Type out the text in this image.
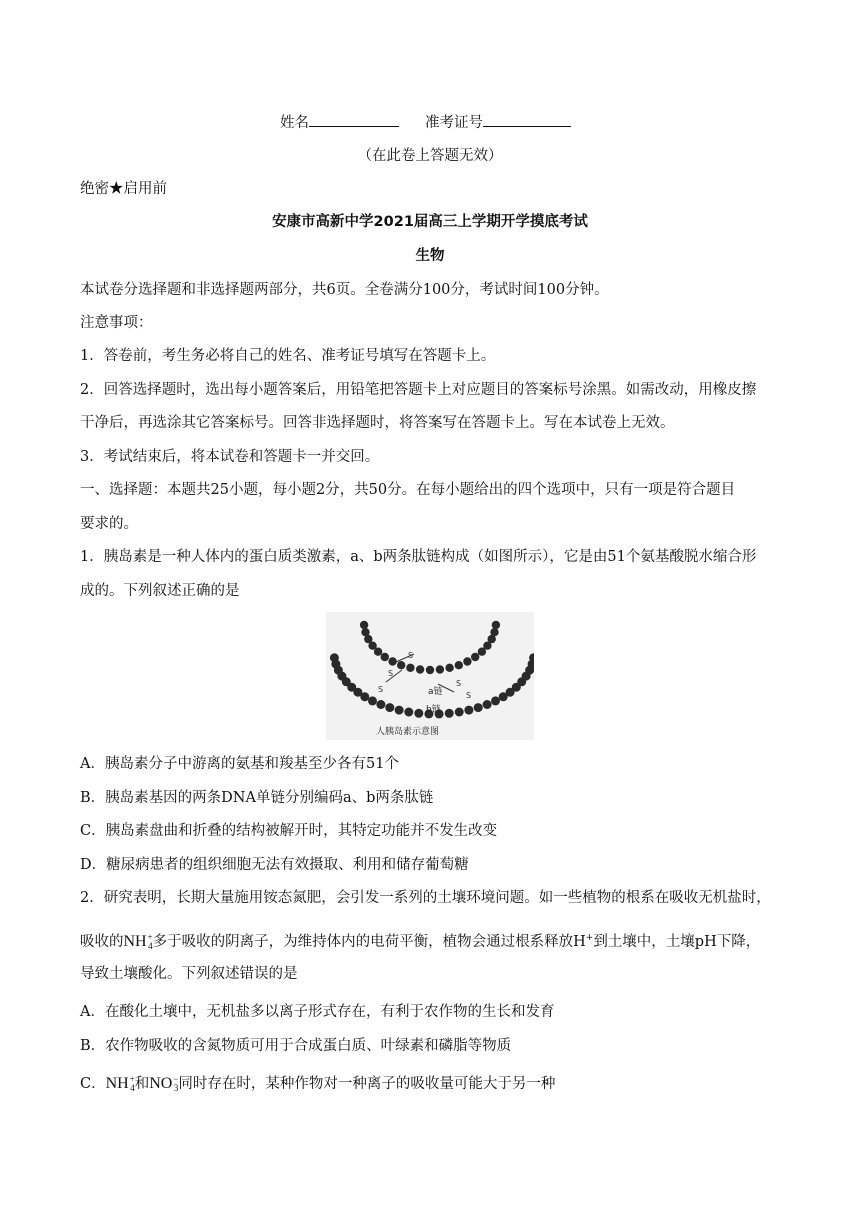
姓名	准考证号
（在此卷上答题无效）
绝密★启用前
安康市高新中学2021届高三上学期开学摸底考试
生物
本试卷分选择题和非选择题两部分，共6页。全卷满分100分，考试时间100分钟。
注意事项：
1．答卷前，考生务必将自己的姓名、准考证号填写在答题卡上。
2．回答选择题时，选出每小题答案后，用铅笔把答题卡上对应题目的答案标号涂黑。如需改动，用橡皮擦
干净后，再选涂其它答案标号。回答非选择题时，将答案写在答题卡上。写在本试卷上无效。
3．考试结束后，将本试卷和答题卡一并交回。
一、选择题：本题共25小题，每小题2分，共50分。在每小题给出的四个选项中，只有一项是符合题目
要求的。
1．胰岛素是一种人体内的蛋白质类激素，a、b两条肽链构成（如图所示），它是由51个氨基酸脱水缩合形
成的。下列叙述正确的是
S
S
S
S
S
a链
b链
人胰岛素示意图
A．胰岛素分子中游离的氨基和羧基至少各有51个
B．胰岛素基因的两条DNA单链分别编码a、b两条肽链
C．胰岛素盘曲和折叠的结构被解开时，其特定功能并不发生改变
D．糖尿病患者的组织细胞无法有效摄取、利用和储存葡萄糖
2．研究表明，长期大量施用铵态氮肥，会引发一系列的土壤环境问题。如一些植物的根系在吸收无机盐时，
吸收的NH +
4 多于吸收的阴离子，为维持体内的电荷平衡，植物会通过根系释放H+到土壤中，土壤pH下降，
导致土壤酸化。下列叙述错误的是
A．在酸化土壤中，无机盐多以离子形式存在，有利于农作物的生长和发育
B．农作物吸收的含氮物质可用于合成蛋白质、叶绿素和磷脂等物质
C．NH +
4 和NO −
3 同时存在时，某种作物对一种离子的吸收量可能大于另一种
